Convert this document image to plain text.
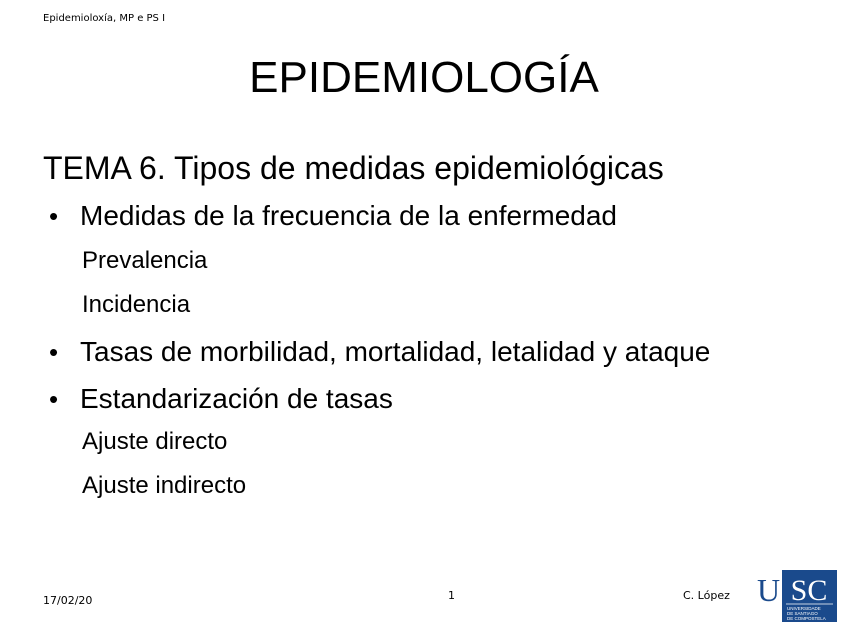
Epidemioloxía, MP e PS I
EPIDEMIOLOGÍA
TEMA 6. Tipos de medidas epidemiológicas
• Medidas de la frecuencia de la enfermedad
Prevalencia
Incidencia
• Tasas de morbilidad, mortalidad, letalidad y ataque
• Estandarización de tasas
Ajuste directo
Ajuste indirecto
17/02/20	1	C. López U SC
UNIVERSIDADE
DE SANTIAGO
DE COMPOSTELA
